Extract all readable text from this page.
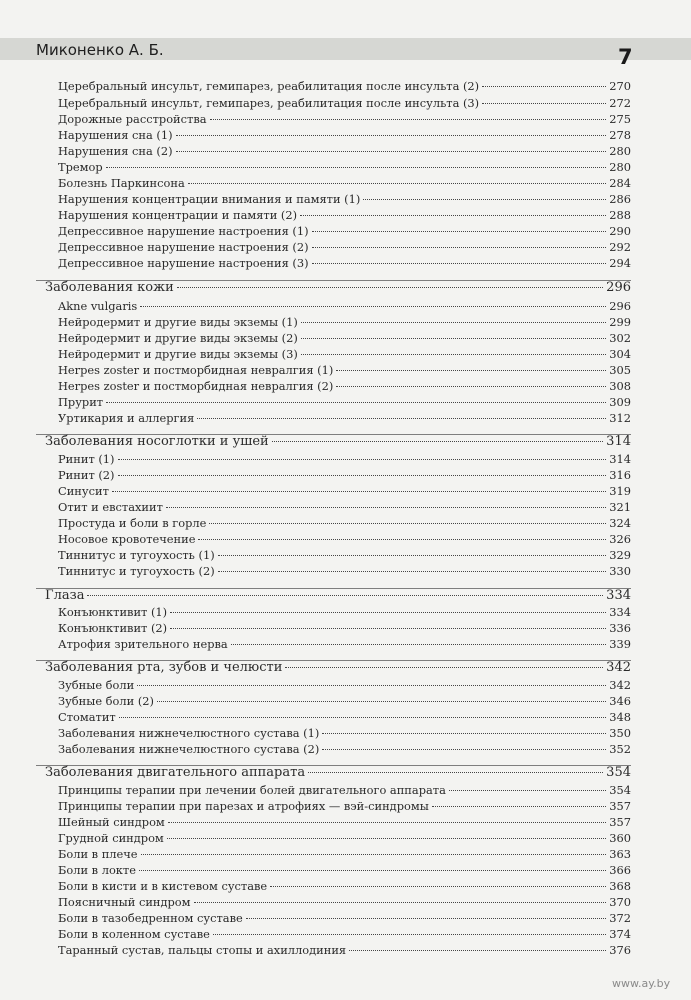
Миконенко А. Б.	7
Церебральный инсульт, гемипарез, реабилитация после инсульта (2)	270
Церебральный инсульт, гемипарез, реабилитация после инсульта (3)	272
Дорожные расстройства	275
Нарушения сна (1)	278
Нарушения сна (2)	280
Тремор	280
Болезнь Паркинсона	284
Нарушения концентрации внимания и памяти (1)	286
Нарушения концентрации и памяти (2)	288
Депрессивное нарушение настроения (1)	290
Депрессивное нарушение настроения (2)	292
Депрессивное нарушение настроения (3)	294
Заболевания кожи	296
Akne vulgaris	296
Нейродермит и другие виды экземы (1)	299
Нейродермит и другие виды экземы (2)	302
Нейродермит и другие виды экземы (3)	304
Herpes zoster и постморбидная невралгия (1)	305
Herpes zoster и постморбидная невралгия (2)	308
Прурит	309
Уртикария и аллергия	312
Заболевания носоглотки и ушей	314
Ринит (1)	314
Ринит (2)	316
Синусит	319
Отит и евстахиит	321
Простуда и боли в горле	324
Носовое кровотечение	326
Тиннитус и тугоухость (1)	329
Тиннитус и тугоухость (2)	330
Глаза	334
Конъюнктивит (1)	334
Конъюнктивит (2)	336
Атрофия зрительного нерва	339
Заболевания рта, зубов и челюсти	342
Зубные боли	342
Зубные боли (2)	346
Стоматит	348
Заболевания нижнечелюстного сустава (1)	350
Заболевания нижнечелюстного сустава (2)	352
Заболевания двигательного аппарата	354
Принципы терапии при лечении болей двигательного аппарата	354
Принципы терапии при парезах и атрофиях — вэй-синдромы	357
Шейный синдром	357
Грудной синдром	360
Боли в плече	363
Боли в локте	366
Боли в кисти и в кистевом суставе	368
Поясничный синдром	370
Боли в тазобедренном суставе	372
Боли в коленном суставе	374
Таранный сустав, пальцы стопы и ахиллодиния	376
www.ay.by
